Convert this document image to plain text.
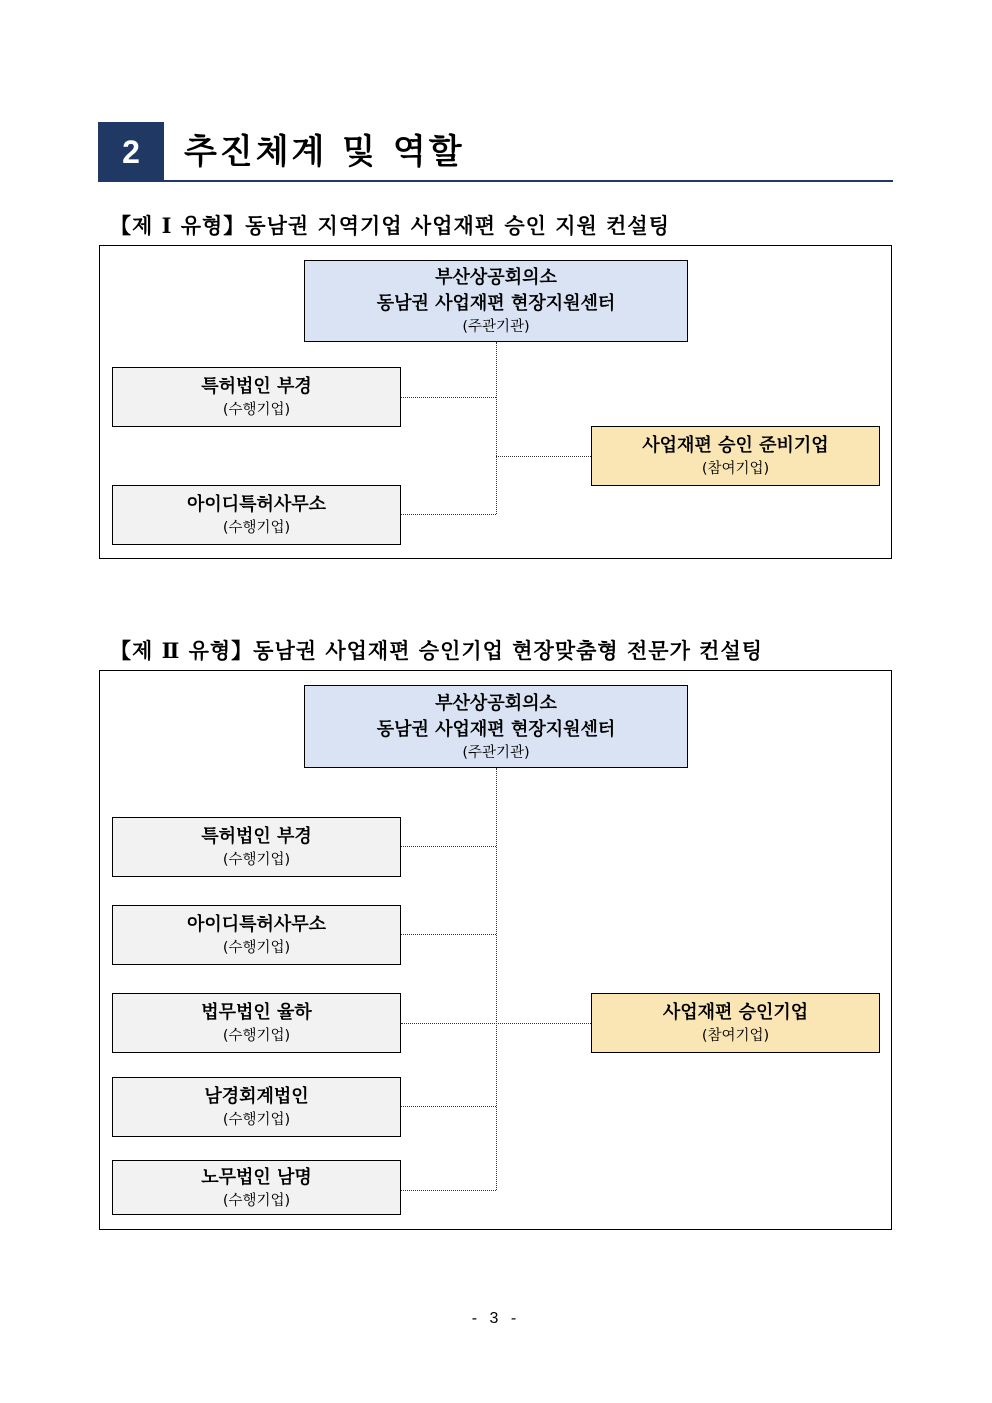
2	추진체계 및 역할
【제 Ⅰ 유형】동남권 지역기업 사업재편 승인 지원 컨설팅
부산상공회의소
동남권 사업재편 현장지원센터
(주관기관)
특허법인 부경
(수행기업)
아이디특허사무소
(수행기업)
사업재편 승인 준비기업
(참여기업)
【제 Ⅱ 유형】동남권 사업재편 승인기업 현장맞춤형 전문가 컨설팅
부산상공회의소
동남권 사업재편 현장지원센터
(주관기관)
특허법인 부경
(수행기업)
아이디특허사무소
(수행기업)
법무법인 율하
(수행기업)
남경회계법인
(수행기업)
노무법인 남명
(수행기업)
사업재편 승인기업
(참여기업)
- 3 -
